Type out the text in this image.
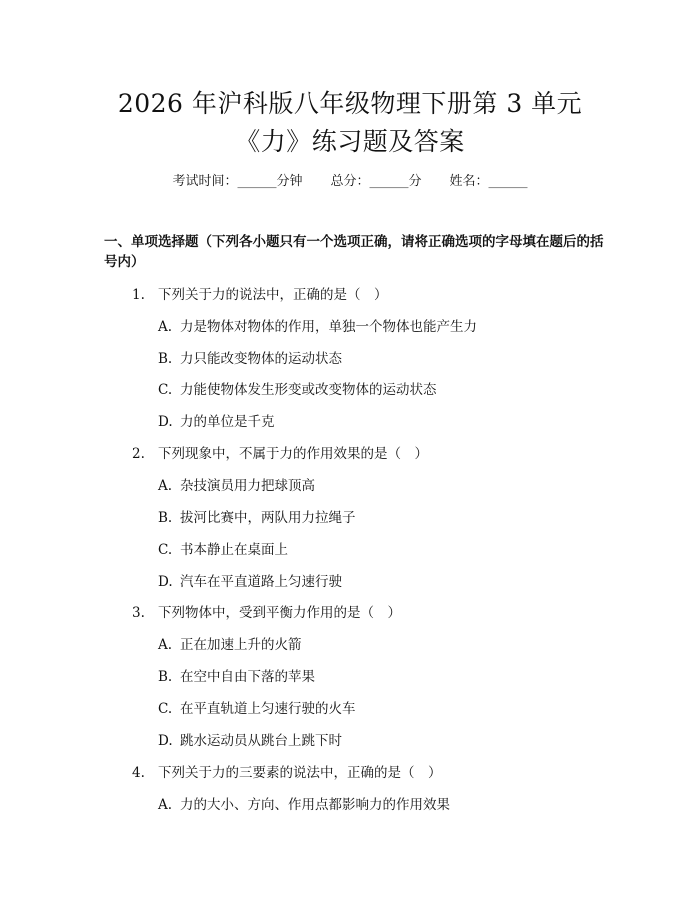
2026 年沪科版八年级物理下册第 3 单元
《力》练习题及答案
考试时间：______分钟 总分：______分 姓名：______
一、单项选择题（下列各小题只有一个选项正确，请将正确选项的字母填在题后的括号内）
1. 下列关于力的说法中，正确的是（　）
A. 力是物体对物体的作用，单独一个物体也能产生力
B. 力只能改变物体的运动状态
C. 力能使物体发生形变或改变物体的运动状态
D. 力的单位是千克
2. 下列现象中，不属于力的作用效果的是（　）
A. 杂技演员用力把球顶高
B. 拔河比赛中，两队用力拉绳子
C. 书本静止在桌面上
D. 汽车在平直道路上匀速行驶
3. 下列物体中，受到平衡力作用的是（　）
A. 正在加速上升的火箭
B. 在空中自由下落的苹果
C. 在平直轨道上匀速行驶的火车
D. 跳水运动员从跳台上跳下时
4. 下列关于力的三要素的说法中，正确的是（　）
A. 力的大小、方向、作用点都影响力的作用效果
